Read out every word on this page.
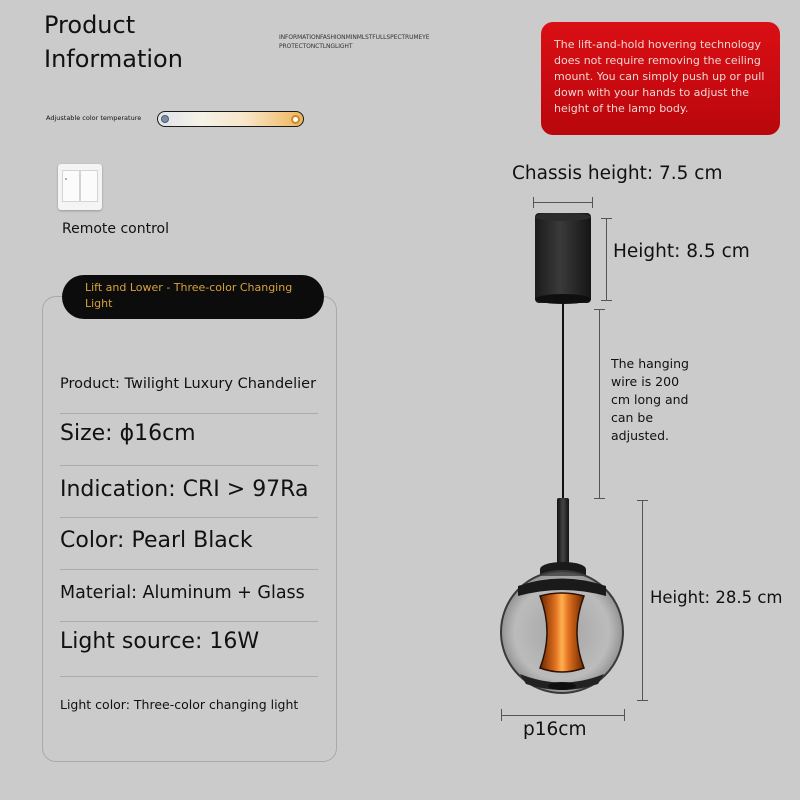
Product
Information
INFORMATIONFASHIONMINMLSTFULLSPECTRUMEYE PROTECTONCTLNGLIGHT	The lift-and-hold hovering technology does not require removing the ceiling mount. You can simply push up or pull down with your hands to adjust the height of the lamp body.
Adjustable color temperature
Remote control
Lift and Lower - Three-color Changing Light
Product: Twilight Luxury Chandelier
Size: ϕ16cm
Indication: CRI > 97Ra
Color: Pearl Black
Material: Aluminum + Glass
Light source: 16W
Light color: Three-color changing light
Chassis height: 7.5 cm
Height: 8.5 cm
The hanging wire is 200 cm long and can be adjusted.
Height: 28.5 cm
p16cm
